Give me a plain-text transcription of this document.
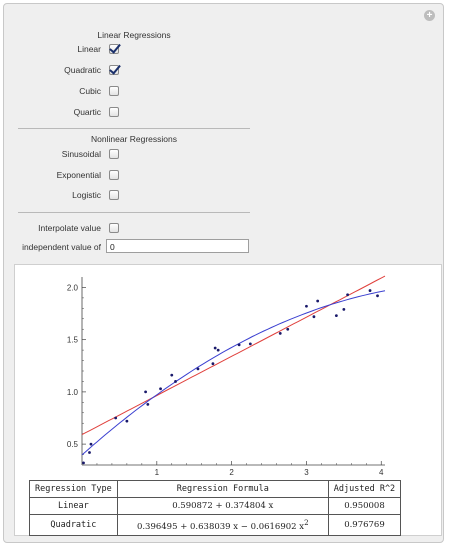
+
Linear Regressions
Linear
Quadratic
Cubic
Quartic
Nonlinear Regressions
Sinusoidal
Exponential
Logistic
Interpolate value
independent value of	0
1	2	3	4
0.5
1.0
1.5
2.0
Regression Type	Regression Formula	Adjusted R^2
Linear	0.590872 + 0.374804 x	0.950008
Quadratic	0.396495 + 0.638039 x − 0.0616902 $x^2$	0.976769
